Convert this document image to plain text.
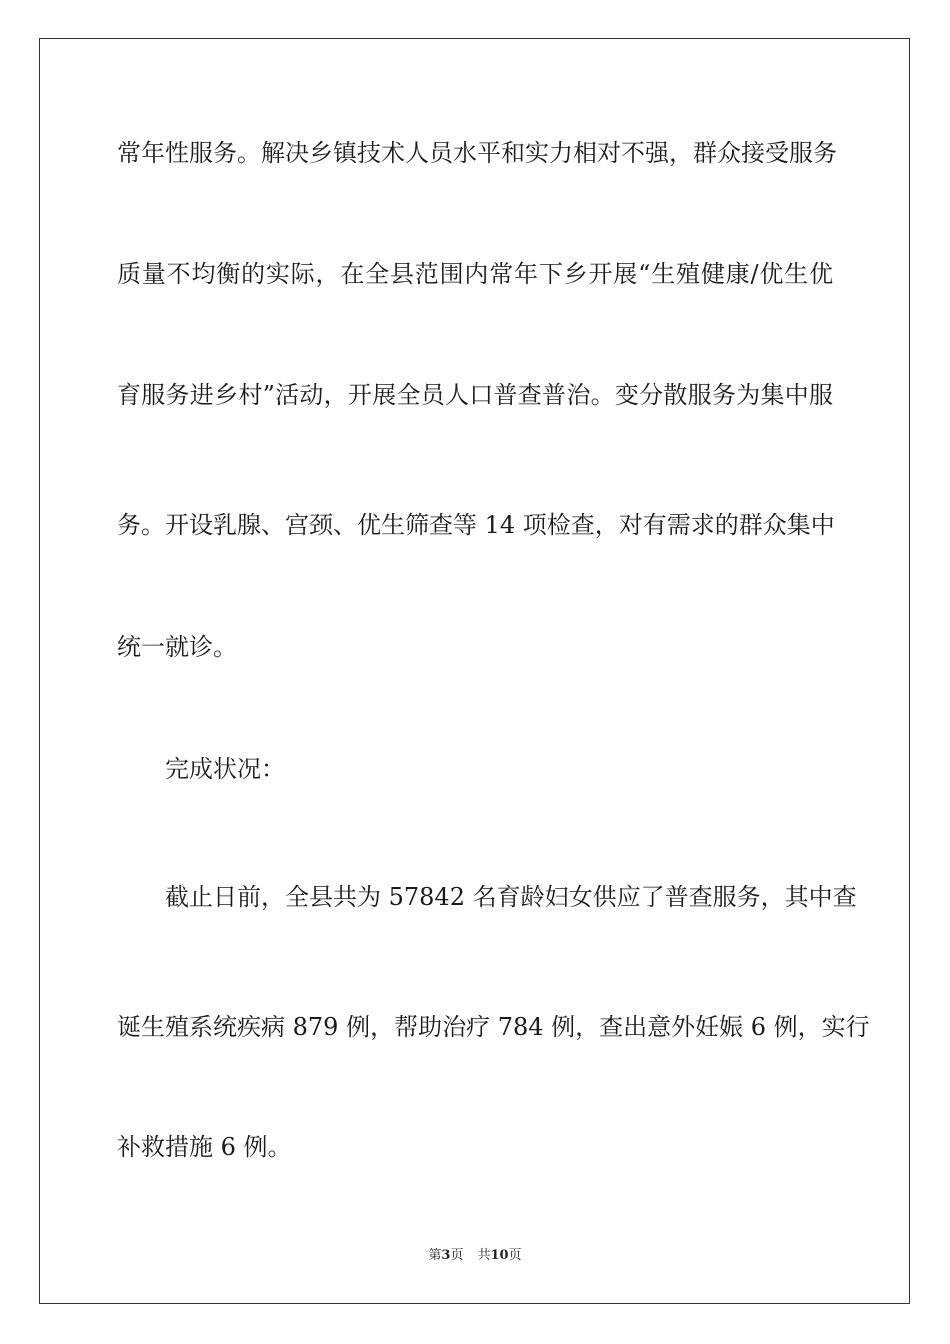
常年性服务。解决乡镇技术人员水平和实力相对不强，群众接受服务
质量不均衡的实际，在全县范围内常年下乡开展“生殖健康/优生优
育服务进乡村”活动，开展全员人口普查普治。变分散服务为集中服
务。开设乳腺、宫颈、优生筛查等 14 项检查，对有需求的群众集中
统一就诊。
完成状况：
截止日前，全县共为 57842 名育龄妇女供应了普查服务，其中查
诞生殖系统疾病 879 例，帮助治疗 784 例，查出意外妊娠 6 例，实行
补救措施 6 例。
第3页 共10页
